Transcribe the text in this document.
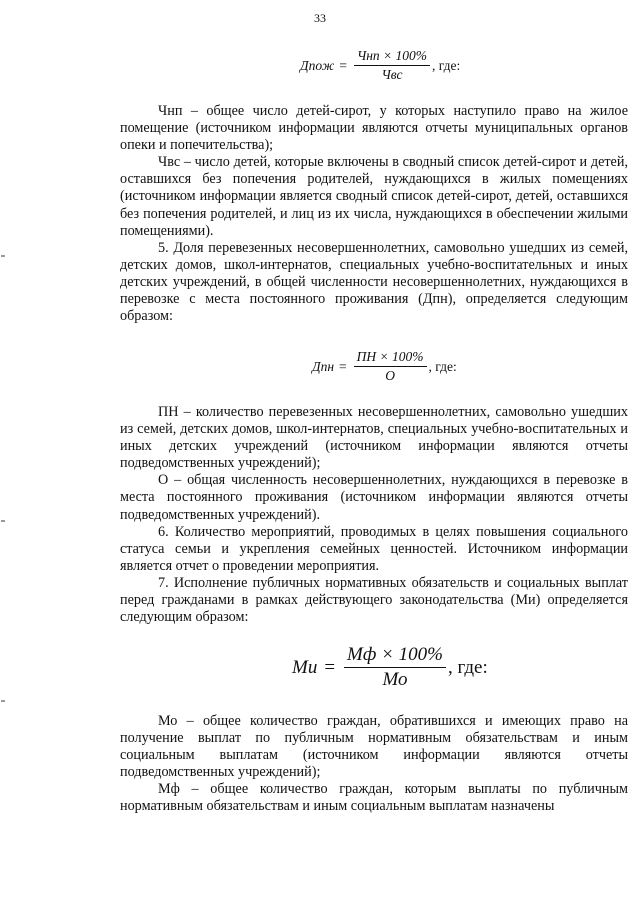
33
Дпож = $\frac{\text{Чнп × 100\%}}{\text{Чвс}}$ , где:

Чнп – общее число детей-сирот, у которых наступило право на жилое помещение (источником информации являются отчеты муниципальных органов опеки и попечительства);

Чвс – число детей, которые включены в сводный список детей-сирот и детей, оставшихся без попечения родителей, нуждающихся в жилых помещениях (источником информации является сводный список детей-сирот, детей, оставшихся без попечения родителей, и лиц из их числа, нуждающихся в обеспечении жилыми помещениями).

5. Доля перевезенных несовершеннолетних, самовольно ушедших из семей, детских домов, школ-интернатов, специальных учебно-воспитательных и иных детских учреждений, в общей численности несовершеннолетних, нуждающихся в перевозке с места постоянного проживания (Дпн), определяется следующим образом:

Дпн = $\frac{ПН \times 100\%}{О}$ , где:

ПН – количество перевезенных несовершеннолетних, самовольно ушедших из семей, детских домов, школ-интернатов, специальных учебно-воспитательных и иных детских учреждений (источником информации являются отчеты подведомственных учреждений);

О – общая численность несовершеннолетних, нуждающихся в перевозке в места постоянного проживания (источником информации являются отчеты подведомственных учреждений).

6. Количество мероприятий, проводимых в целях повышения социального статуса семьи и укрепления семейных ценностей. Источником информации является отчет о проведении мероприятия.

7. Исполнение публичных нормативных обязательств и социальных выплат перед гражданами в рамках действующего законодательства (Ми) определяется следующим образом:

Ми = $\frac{Мф \times 100\%}{Мо}$ , где:

Мо – общее количество граждан, обратившихся и имеющих право на получение выплат по публичным нормативным обязательствам и иным социальным выплатам (источником информации являются отчеты подведомственных учреждений);

Мф – общее количество граждан, которым выплаты по публичным нормативным обязательствам и иным социальным выплатам назначены
